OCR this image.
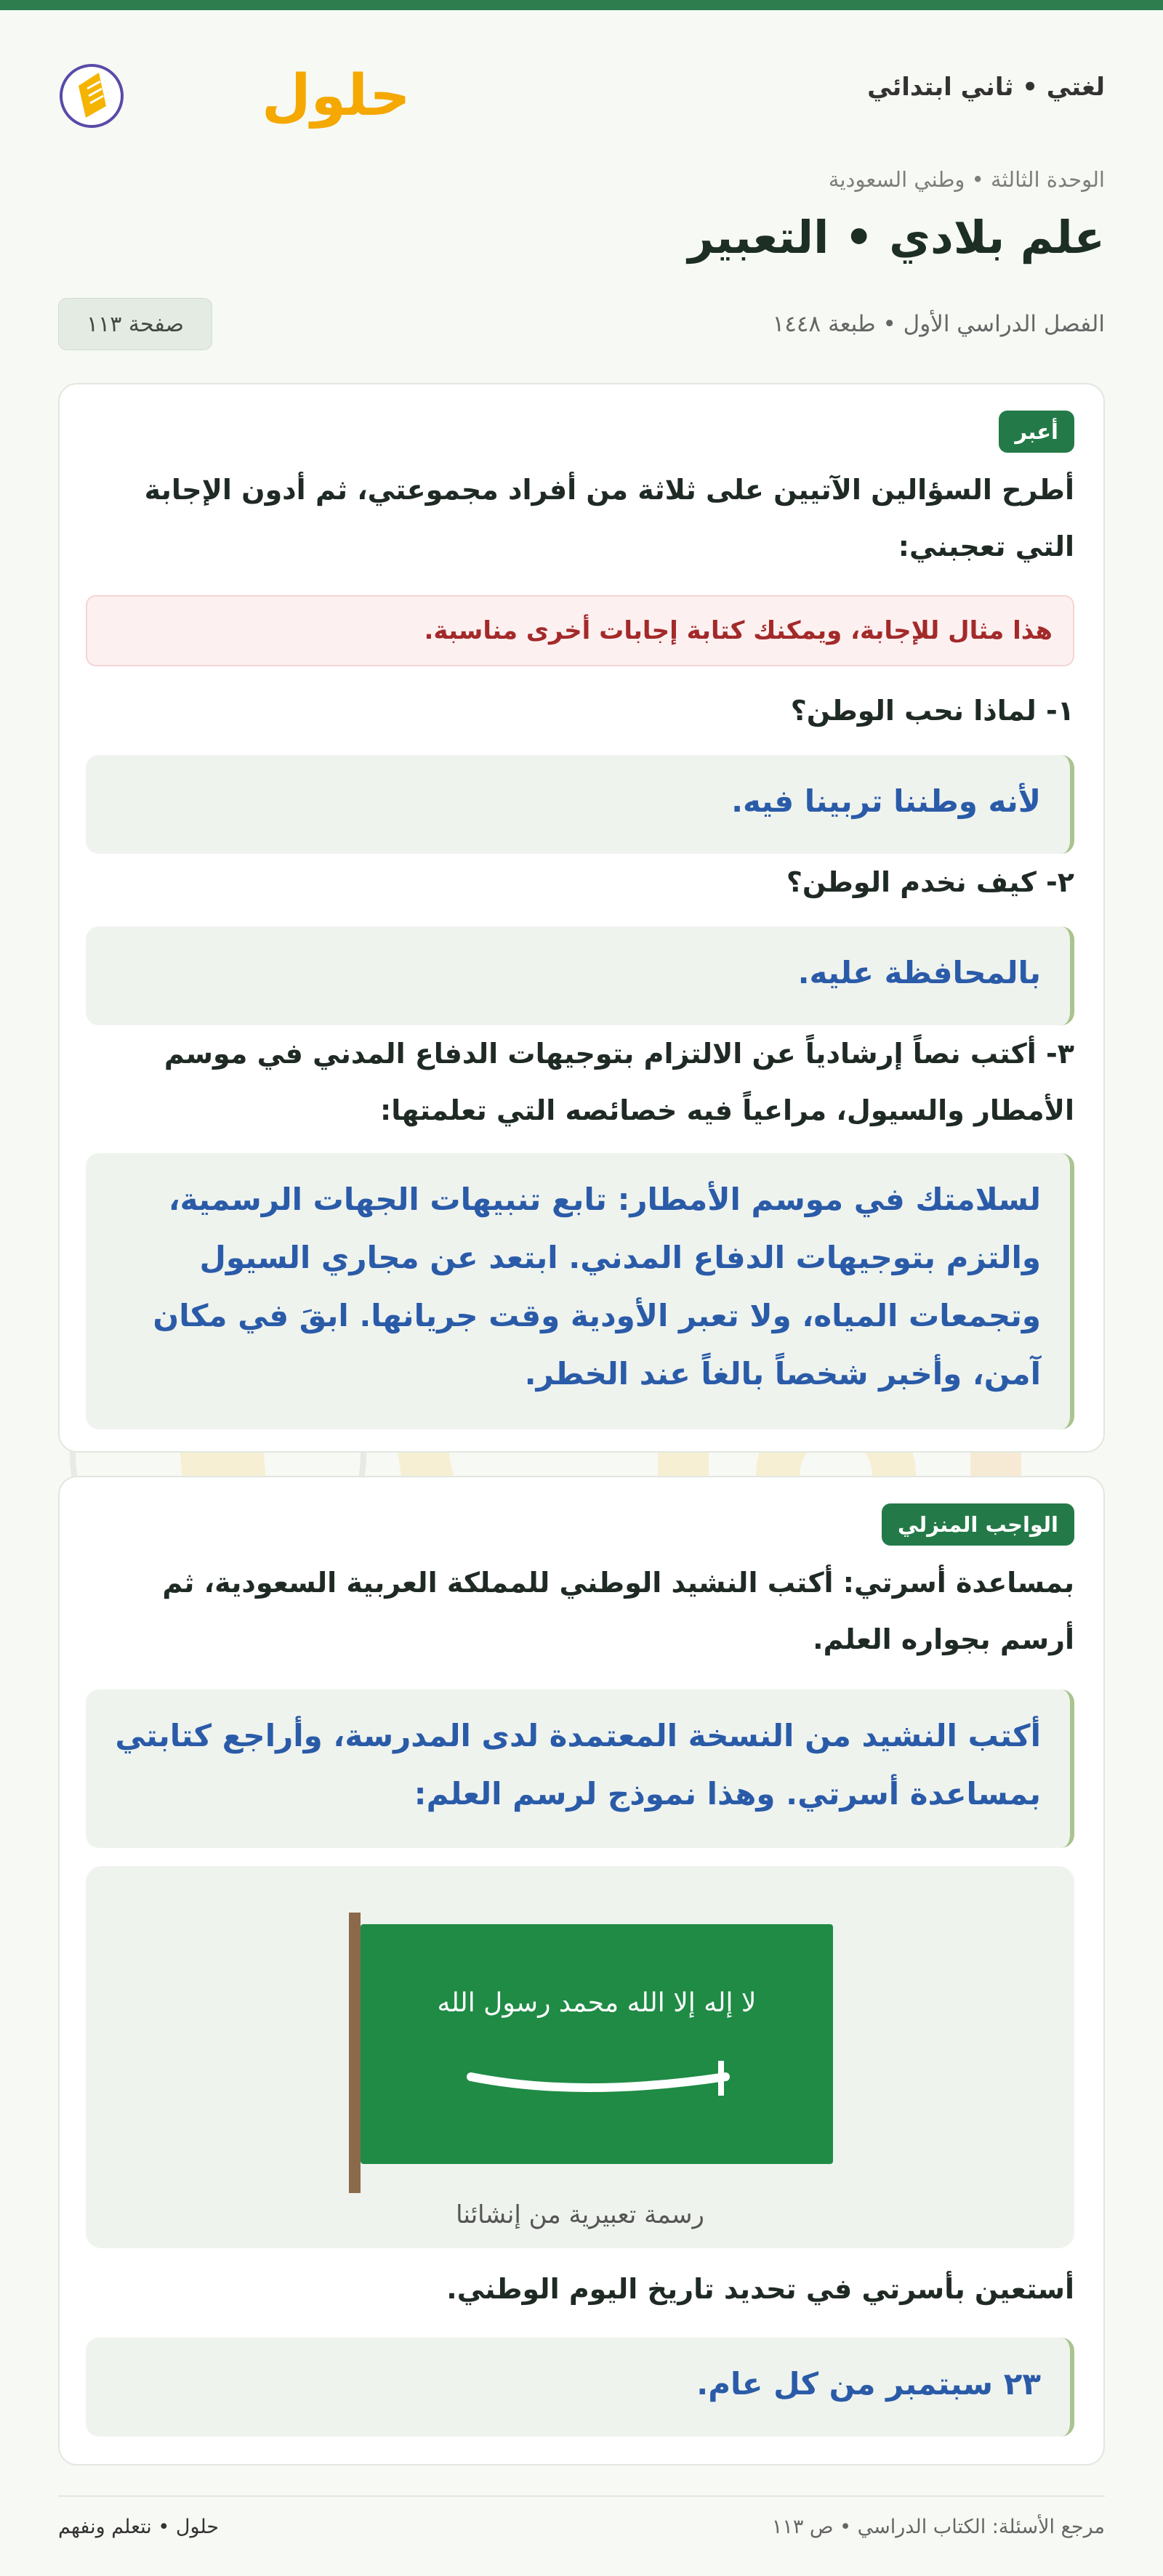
لغتي • ثاني ابتدائي
حلول
الوحدة الثالثة • وطني السعودية
علم بلادي • التعبير
الفصل الدراسي الأول • طبعة ١٤٤٨
صفحة ١١٣
أعبر
أطرح السؤالين الآتيين على ثلاثة من أفراد مجموعتي، ثم أدون الإجابة التي تعجبني:
هذا مثال للإجابة، ويمكنك كتابة إجابات أخرى مناسبة.
١- لماذا نحب الوطن؟
لأنه وطننا تربينا فيه.
٢- كيف نخدم الوطن؟
بالمحافظة عليه.
٣- أكتب نصاً إرشادياً عن الالتزام بتوجيهات الدفاع المدني في موسم الأمطار والسيول، مراعياً فيه خصائصه التي تعلمتها:
لسلامتك في موسم الأمطار: تابع تنبيهات الجهات الرسمية، والتزم بتوجيهات الدفاع المدني. ابتعد عن مجاري السيول وتجمعات المياه، ولا تعبر الأودية وقت جريانها. ابقَ في مكان آمن، وأخبر شخصاً بالغاً عند الخطر.
الواجب المنزلي
بمساعدة أسرتي: أكتب النشيد الوطني للمملكة العربية السعودية، ثم أرسم بجواره العلم.
أكتب النشيد من النسخة المعتمدة لدى المدرسة، وأراجع كتابتي بمساعدة أسرتي. وهذا نموذج لرسم العلم:
لا إله إلا الله محمد رسول الله
رسمة تعبيرية من إنشائنا
أستعين بأسرتي في تحديد تاريخ اليوم الوطني.
٢٣ سبتمبر من كل عام.
مرجع الأسئلة: الكتاب الدراسي • ص ١١٣
حلول • نتعلم ونفهم
